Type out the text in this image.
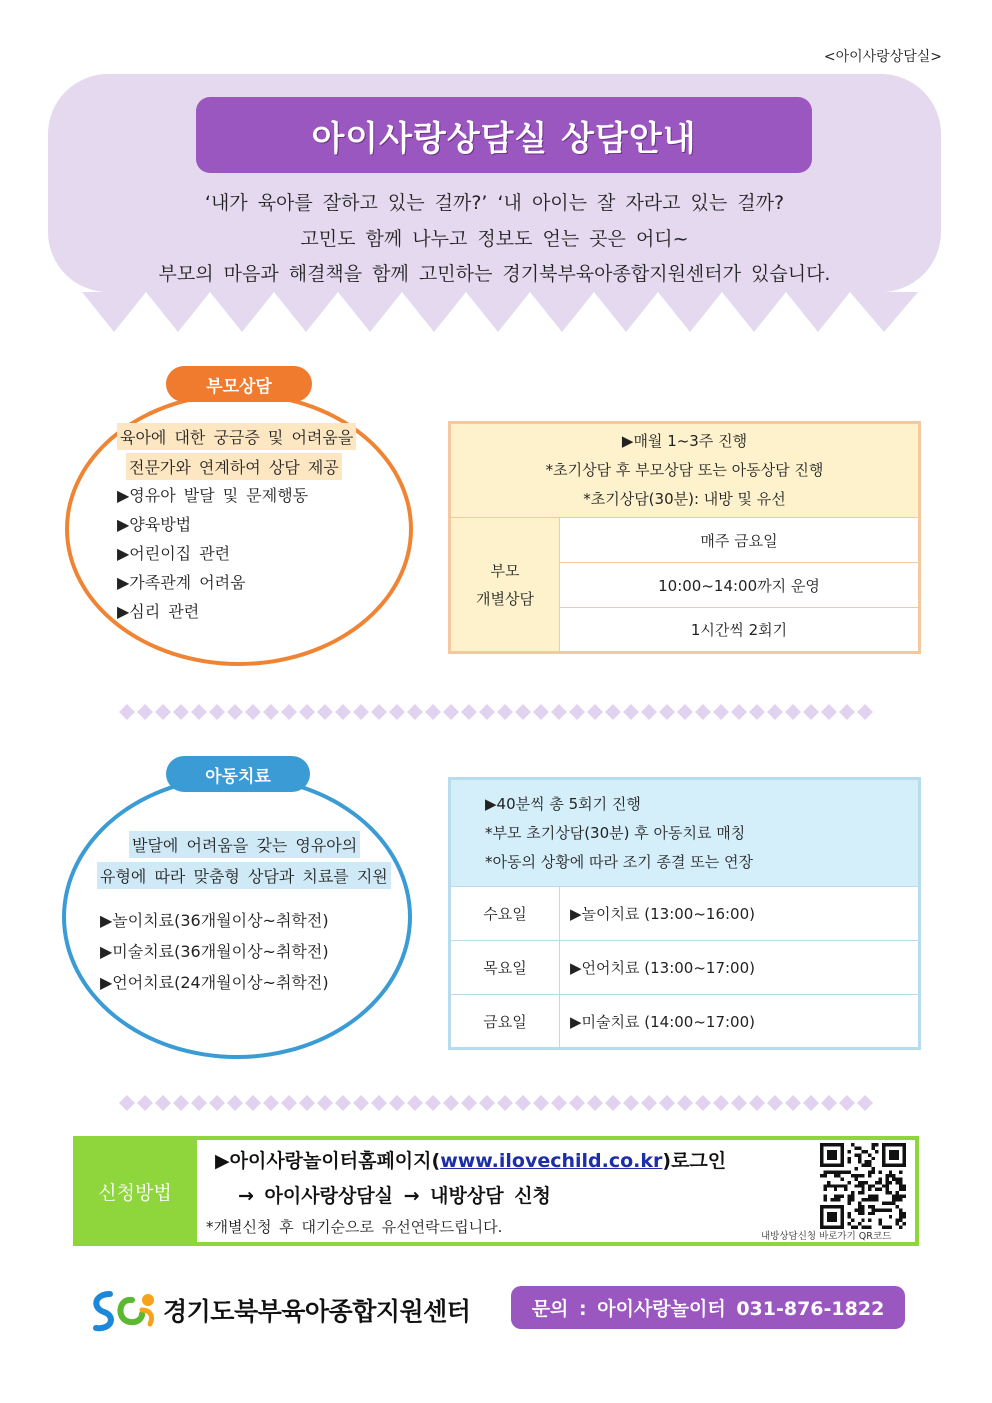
<아이사랑상담실>
아이사랑상담실 상담안내
‘내가 육아를 잘하고 있는 걸까?’ ‘내 아이는 잘 자라고 있는 걸까?
고민도 함께 나누고 정보도 얻는 곳은 어디~
부모의 마음과 해결책을 함께 고민하는 경기북부육아종합지원센터가 있습니다.
부모상담
육아에 대한 궁금증 및 어려움을
전문가와 연계하여 상담 제공
▶영유아 발달 및 문제행동
▶양육방법
▶어린이집 관련
▶가족관계 어려움
▶심리 관련
▶매월 1~3주 진행
*초기상담 후 부모상담 또는 아동상담 진행
*초기상담(30분): 내방 및 유선

부모
개별상담
	매주 금요일
10:00~14:00까지 운영
1시간씩 2회기
아동치료
발달에 어려움을 갖는 영유아의
유형에 따라 맞춤형 상담과 치료를 지원
▶놀이치료(36개월이상~취학전)
▶미술치료(36개월이상~취학전)
▶언어치료(24개월이상~취학전)
▶40분씩 총 5회기 진행
*부모 초기상담(30분) 후 아동치료 매칭
*아동의 상황에 따라 조기 종결 또는 연장	

수요일	▶놀이치료 (13:00~16:00)
목요일	▶언어치료 (13:00~17:00)
금요일	▶미술치료 (14:00~17:00)
신청방법
▶아이사랑놀이터홈페이지(www.ilovechild.co.kr)로그인
→ 아이사랑상담실 → 내방상담 신청
*개별신청 후 대기순으로 유선연락드립니다.
내방상담신청 바로가기 QR코드
경기도북부육아종합지원센터	문의 : 아이사랑놀이터 031-876-1822
